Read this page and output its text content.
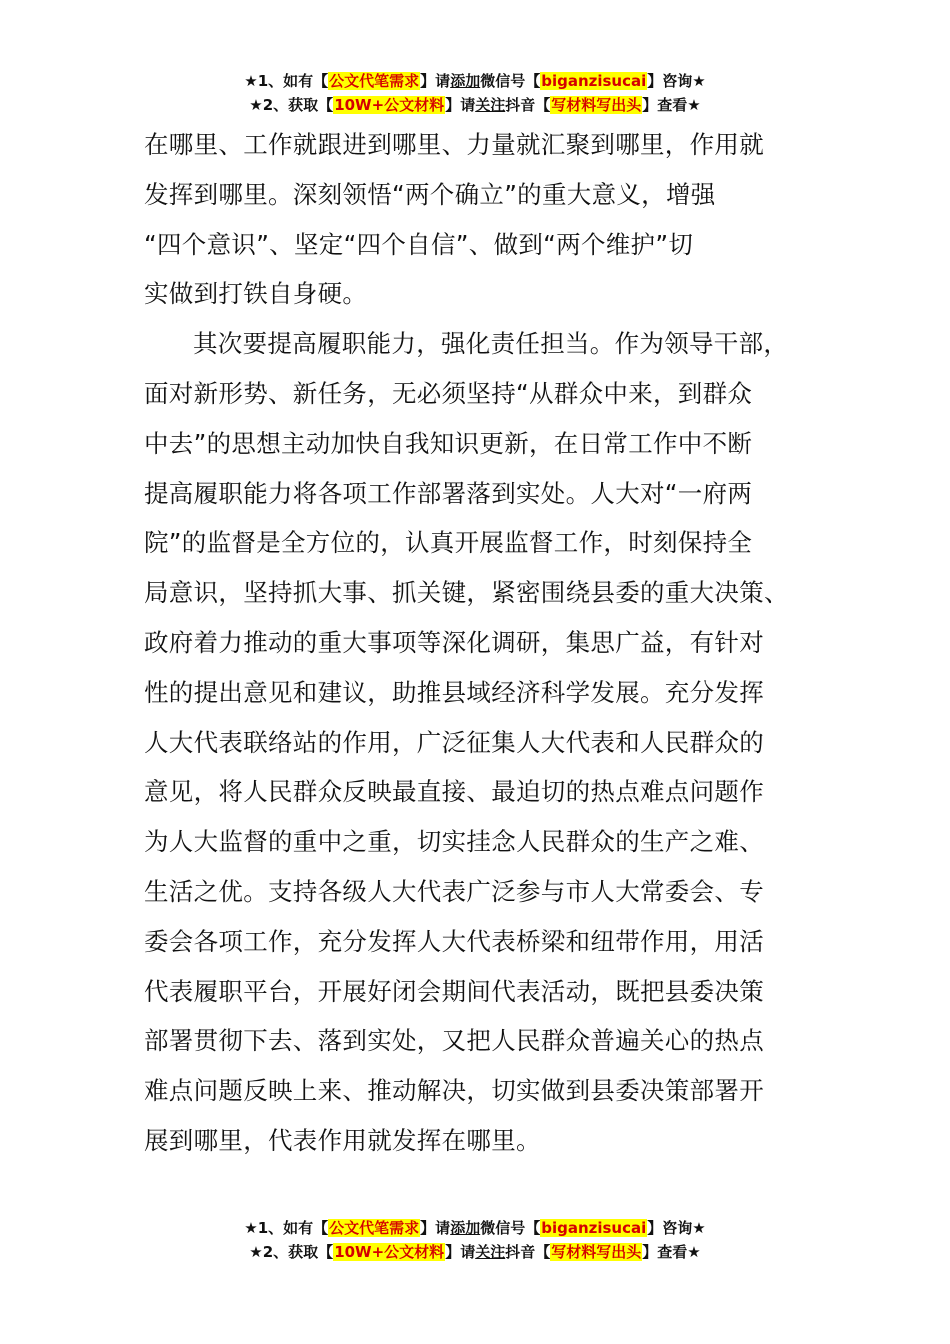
★1、如有【公文代笔需求】请添加微信号【biganzisucai】咨询★
★2、获取【10W+公文材料】请关注抖音【写材料写出头】查看★
在哪里、工作就跟进到哪里、力量就汇聚到哪里，作用就
发挥到哪里。深刻领悟“两个确立”的重大意义，增强
“四个意识”、坚定“四个自信”、做到“两个维护”切
实做到打铁自身硬。
其次要提高履职能力，强化责任担当。作为领导干部，
面对新形势、新任务，无必须坚持“从群众中来，到群众
中去”的思想主动加快自我知识更新，在日常工作中不断
提高履职能力将各项工作部署落到实处。人大对“一府两
院”的监督是全方位的，认真开展监督工作，时刻保持全
局意识，坚持抓大事、抓关键，紧密围绕县委的重大决策、
政府着力推动的重大事项等深化调研，集思广益，有针对
性的提出意见和建议，助推县域经济科学发展。充分发挥
人大代表联络站的作用，广泛征集人大代表和人民群众的
意见，将人民群众反映最直接、最迫切的热点难点问题作
为人大监督的重中之重，切实挂念人民群众的生产之难、
生活之优。支持各级人大代表广泛参与市人大常委会、专
委会各项工作，充分发挥人大代表桥梁和纽带作用，用活
代表履职平台，开展好闭会期间代表活动，既把县委决策
部署贯彻下去、落到实处，又把人民群众普遍关心的热点
难点问题反映上来、推动解决，切实做到县委决策部署开
展到哪里，代表作用就发挥在哪里。
★1、如有【公文代笔需求】请添加微信号【biganzisucai】咨询★
★2、获取【10W+公文材料】请关注抖音【写材料写出头】查看★
